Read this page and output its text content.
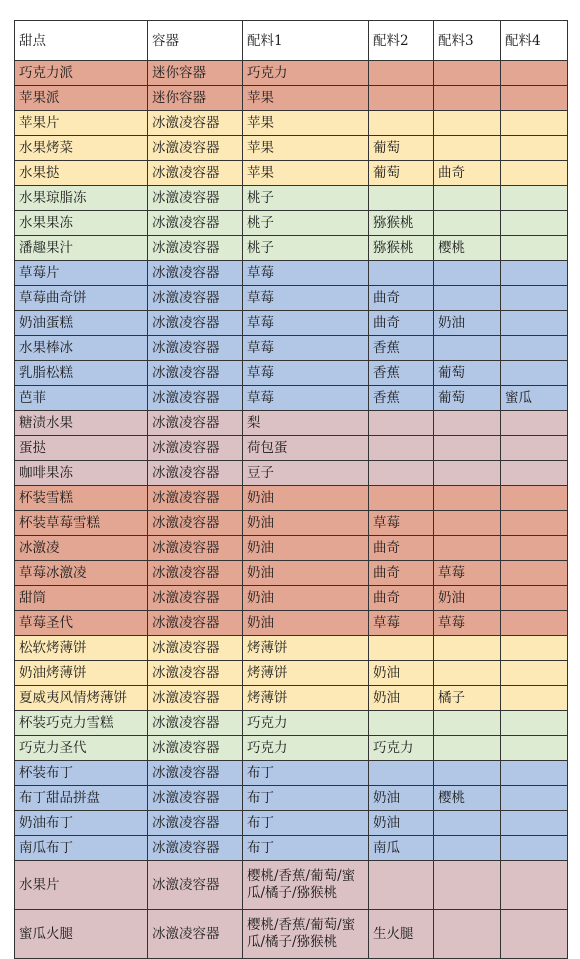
甜点	容器	配料1	配料2	配料3	配料4
巧克力派	迷你容器	巧克力			
苹果派	迷你容器	苹果			
苹果片	冰激凌容器	苹果			
水果烤菜	冰激凌容器	苹果	葡萄		
水果挞	冰激凌容器	苹果	葡萄	曲奇	
水果琼脂冻	冰激凌容器	桃子			
水果果冻	冰激凌容器	桃子	猕猴桃		
潘趣果汁	冰激凌容器	桃子	猕猴桃	樱桃	
草莓片	冰激凌容器	草莓			
草莓曲奇饼	冰激凌容器	草莓	曲奇		
奶油蛋糕	冰激凌容器	草莓	曲奇	奶油	
水果棒冰	冰激凌容器	草莓	香蕉		
乳脂松糕	冰激凌容器	草莓	香蕉	葡萄	
芭菲	冰激凌容器	草莓	香蕉	葡萄	蜜瓜
糖渍水果	冰激凌容器	梨			
蛋挞	冰激凌容器	荷包蛋			
咖啡果冻	冰激凌容器	豆子			
杯装雪糕	冰激凌容器	奶油			
杯装草莓雪糕	冰激凌容器	奶油	草莓		
冰激凌	冰激凌容器	奶油	曲奇		
草莓冰激凌	冰激凌容器	奶油	曲奇	草莓	
甜筒	冰激凌容器	奶油	曲奇	奶油	
草莓圣代	冰激凌容器	奶油	草莓	草莓	
松软烤薄饼	冰激凌容器	烤薄饼			
奶油烤薄饼	冰激凌容器	烤薄饼	奶油		
夏威夷风情烤薄饼	冰激凌容器	烤薄饼	奶油	橘子	
杯装巧克力雪糕	冰激凌容器	巧克力			
巧克力圣代	冰激凌容器	巧克力	巧克力		
杯装布丁	冰激凌容器	布丁			
布丁甜品拼盘	冰激凌容器	布丁	奶油	樱桃	
奶油布丁	冰激凌容器	布丁	奶油		
南瓜布丁	冰激凌容器	布丁	南瓜		
水果片	冰激凌容器	樱桃/香蕉/葡萄/蜜瓜/橘子/猕猴桃			
蜜瓜火腿	冰激凌容器	樱桃/香蕉/葡萄/蜜瓜/橘子/猕猴桃	生火腿		
